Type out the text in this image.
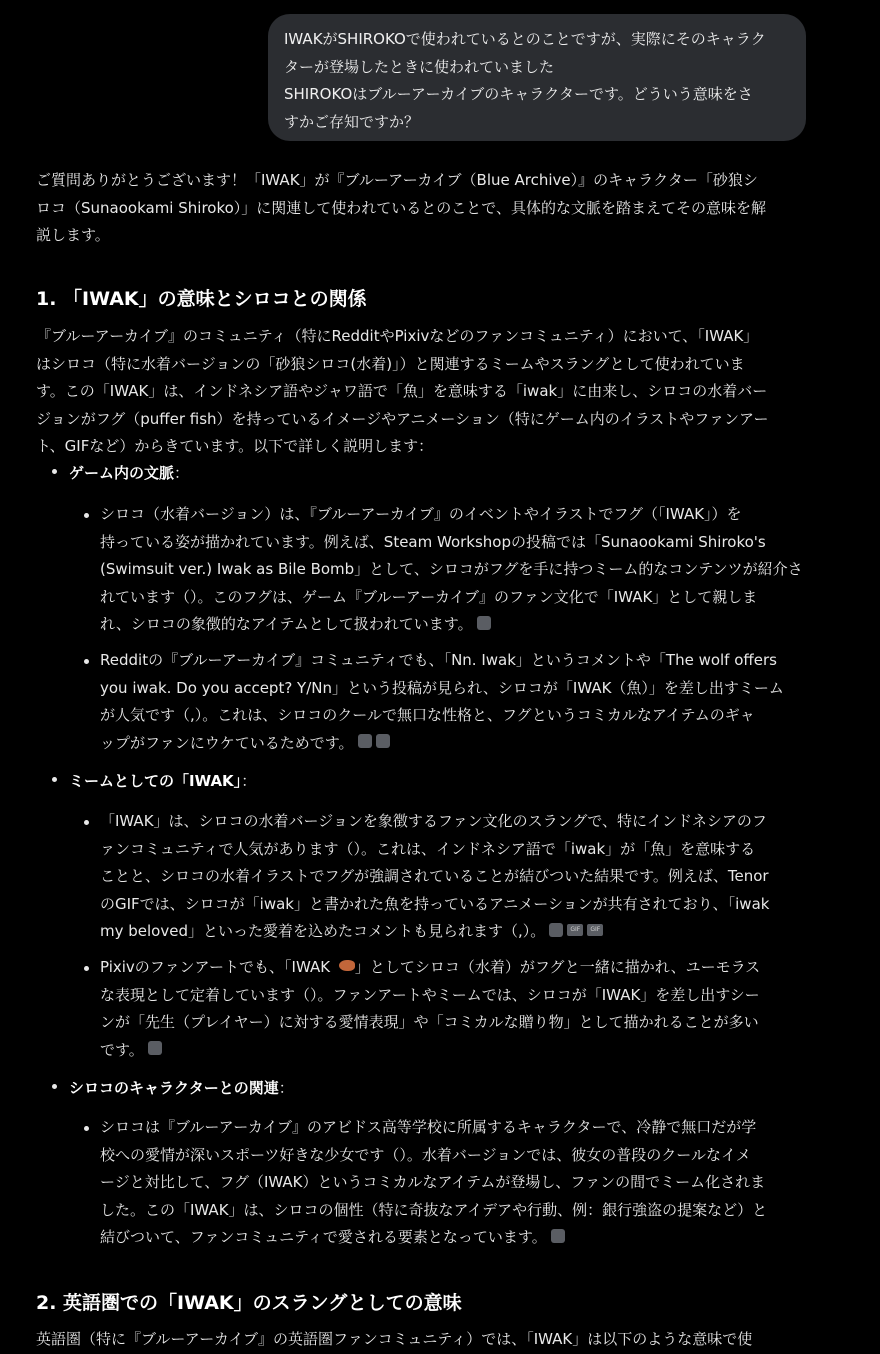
IWAKがSHIROKOで使われているとのことですが、実際にそのキャラク
ターが登場したときに使われていました
SHIROKOはブルーアーカイブのキャラクターです。どういう意味をさ
すかご存知ですか？
ご質問ありがとうございます！「IWAK」が『ブルーアーカイブ（Blue Archive）』のキャラクター「砂狼シ
ロコ（Sunaookami Shiroko）」に関連して使われているとのことで、具体的な文脈を踏まえてその意味を解
説します。
1. 「IWAK」の意味とシロコとの関係
『ブルーアーカイブ』のコミュニティ（特にRedditやPixivなどのファンコミュニティ）において、「IWAK」
はシロコ（特に水着バージョンの「砂狼シロコ(水着)」）と関連するミームやスラングとして使われていま
す。この「IWAK」は、インドネシア語やジャワ語で「魚」を意味する「iwak」に由来し、シロコの水着バー
ジョンがフグ（puffer fish）を持っているイメージやアニメーション（特にゲーム内のイラストやファンアー
ト、GIFなど）からきています。以下で詳しく説明します：
ゲーム内の文脈：
シロコ（水着バージョン）は、『ブルーアーカイブ』のイベントやイラストでフグ（「IWAK」）を
持っている姿が描かれています。例えば、Steam Workshopの投稿では「Sunaookami Shiroko's
(Swimsuit ver.) Iwak as Bile Bomb」として、シロコがフグを手に持つミーム的なコンテンツが紹介さ
れています（）。このフグは、ゲーム『ブルーアーカイブ』のファン文化で「IWAK」として親しま
れ、シロコの象徴的なアイテムとして扱われています。
Redditの『ブルーアーカイブ』コミュニティでも、「Nn. Iwak」というコメントや「The wolf offers
you iwak. Do you accept? Y/Nn」という投稿が見られ、シロコが「IWAK（魚）」を差し出すミーム
が人気です（,）。これは、シロコのクールで無口な性格と、フグというコミカルなアイテムのギャ
ップがファンにウケているためです。
ミームとしての「IWAK」：
「IWAK」は、シロコの水着バージョンを象徴するファン文化のスラングで、特にインドネシアのフ
ァンコミュニティで人気があります（）。これは、インドネシア語で「iwak」が「魚」を意味する
ことと、シロコの水着イラストでフグが強調されていることが結びついた結果です。例えば、Tenor
のGIFでは、シロコが「iwak」と書かれた魚を持っているアニメーションが共有されており、「iwak
my beloved」といった愛着を込めたコメントも見られます（,）。	GIF GIF
Pixivのファンアートでも、「IWAK 」としてシロコ（水着）がフグと一緒に描かれ、ユーモラス
な表現として定着しています（）。ファンアートやミームでは、シロコが「IWAK」を差し出すシー
ンが「先生（プレイヤー）に対する愛情表現」や「コミカルな贈り物」として描かれることが多い
です。
シロコのキャラクターとの関連：
シロコは『ブルーアーカイブ』のアビドス高等学校に所属するキャラクターで、冷静で無口だが学
校への愛情が深いスポーツ好きな少女です（）。水着バージョンでは、彼女の普段のクールなイメ
ージと対比して、フグ（IWAK）というコミカルなアイテムが登場し、ファンの間でミーム化されま
した。この「IWAK」は、シロコの個性（特に奇抜なアイデアや行動、例：銀行強盗の提案など）と
結びついて、ファンコミュニティで愛される要素となっています。
2. 英語圏での「IWAK」のスラングとしての意味
英語圏（特に『ブルーアーカイブ』の英語圏ファンコミュニティ）では、「IWAK」は以下のような意味で使
